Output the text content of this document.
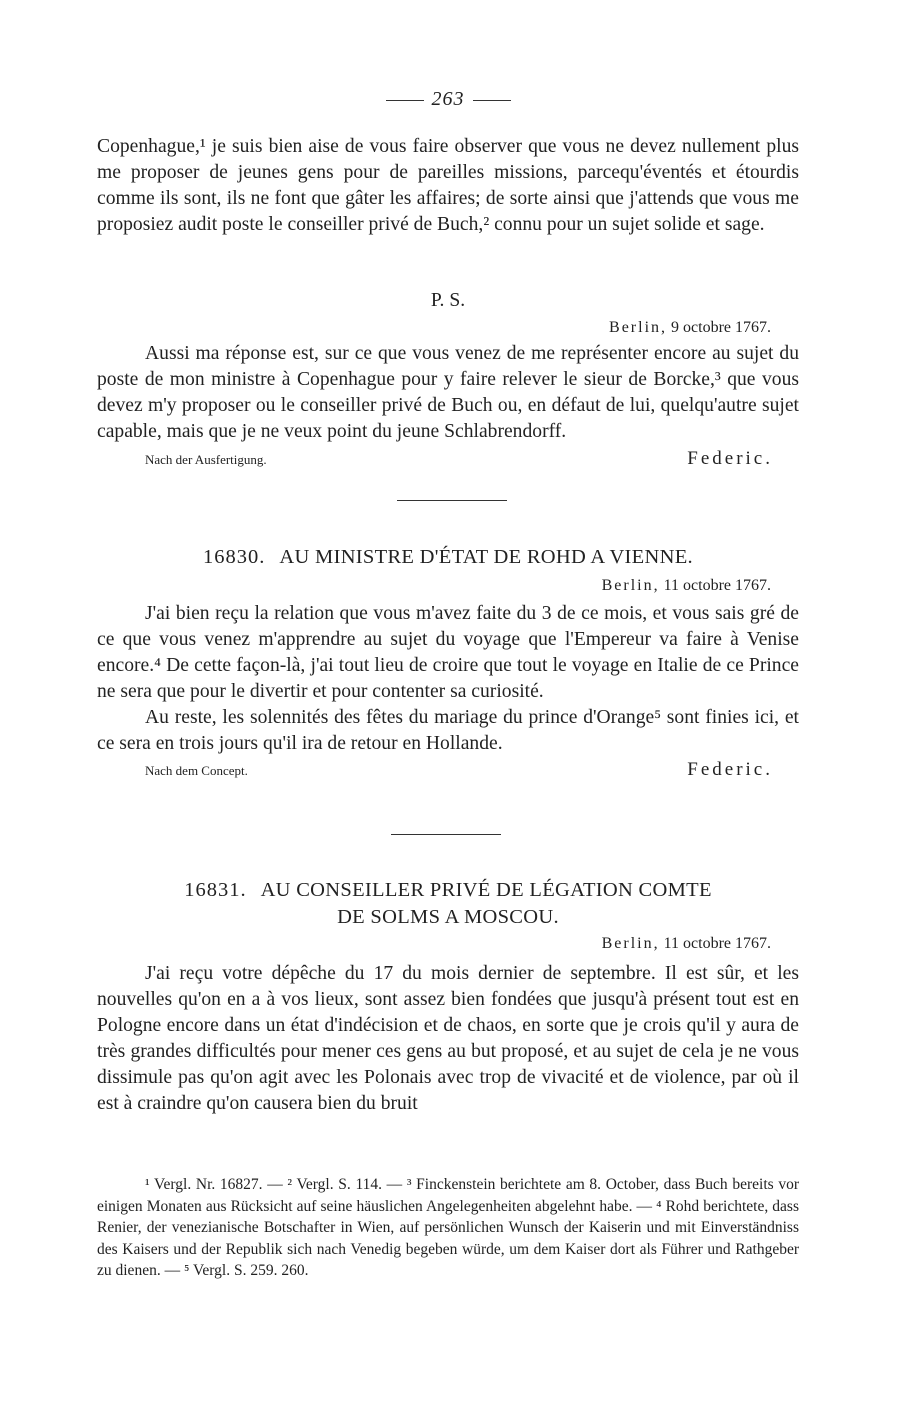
263

Copenhague,¹ je suis bien aise de vous faire observer que vous ne devez nullement plus me proposer de jeunes gens pour de pareilles missions, parcequ'éventés et étourdis comme ils sont, ils ne font que gâter les affaires; de sorte ainsi que j'attends que vous me proposiez audit poste le conseiller privé de Buch,² connu pour un sujet solide et sage.

P. S.
Berlin, 9 octobre 1767.

Aussi ma réponse est, sur ce que vous venez de me représenter encore au sujet du poste de mon ministre à Copenhague pour y faire relever le sieur de Borcke,³ que vous devez m'y proposer ou le conseiller privé de Buch ou, en défaut de lui, quelqu'autre sujet capable, mais que je ne veux point du jeune Schlabrendorff.

Nach der Ausfertigung.	Federic.
16830. AU MINISTRE D'ÉTAT DE ROHD A VIENNE.
Berlin, 11 octobre 1767.

J'ai bien reçu la relation que vous m'avez faite du 3 de ce mois, et vous sais gré de ce que vous venez m'apprendre au sujet du voyage que l'Empereur va faire à Venise encore.⁴ De cette façon-là, j'ai tout lieu de croire que tout le voyage en Italie de ce Prince ne sera que pour le divertir et pour contenter sa curiosité.

Au reste, les solennités des fêtes du mariage du prince d'Orange⁵ sont finies ici, et ce sera en trois jours qu'il ira de retour en Hollande.

Nach dem Concept.	Federic.
16831. AU CONSEILLER PRIVÉ DE LÉGATION COMTE
DE SOLMS A MOSCOU.
Berlin, 11 octobre 1767.

J'ai reçu votre dépêche du 17 du mois dernier de septembre. Il est sûr, et les nouvelles qu'on en a à vos lieux, sont assez bien fondées que jusqu'à présent tout est en Pologne encore dans un état d'indécision et de chaos, en sorte que je crois qu'il y aura de très grandes difficultés pour mener ces gens au but proposé, et au sujet de cela je ne vous dissimule pas qu'on agit avec les Polonais avec trop de vivacité et de violence, par où il est à craindre qu'on causera bien du bruit

¹ Vergl. Nr. 16827. — ² Vergl. S. 114. — ³ Finckenstein berichtete am 8. October, dass Buch bereits vor einigen Monaten aus Rücksicht auf seine häuslichen Angelegenheiten abgelehnt habe. — ⁴ Rohd berichtete, dass Renier, der venezianische Botschafter in Wien, auf persönlichen Wunsch der Kaiserin und mit Einverständniss des Kaisers und der Republik sich nach Venedig begeben würde, um dem Kaiser dort als Führer und Rathgeber zu dienen. — ⁵ Vergl. S. 259. 260.
